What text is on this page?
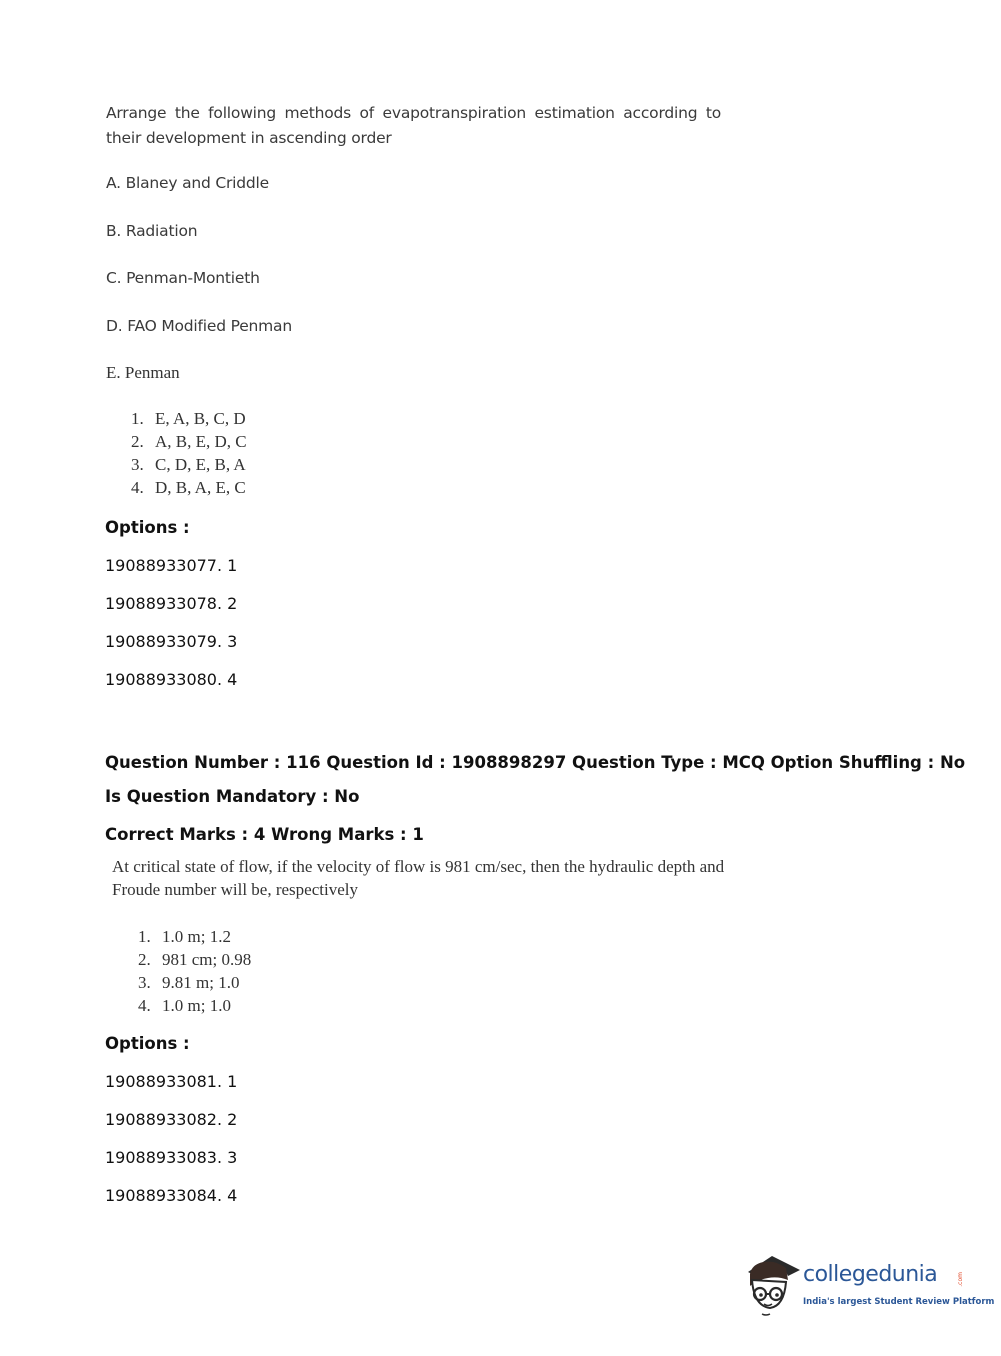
Arrange the following methods of evapotranspiration estimation according to their development in ascending order
A. Blaney and Criddle
B. Radiation
C. Penman-Montieth
D. FAO Modified Penman
E. Penman
1. E, A, B, C, D
2. A, B, E, D, C
3. C, D, E, B, A
4. D, B, A, E, C
Options :
19088933077. 1
19088933078. 2
19088933079. 3
19088933080. 4
Question Number : 116 Question Id : 1908898297 Question Type : MCQ Option Shuffling : No
Is Question Mandatory : No
Correct Marks : 4 Wrong Marks : 1
At critical state of flow, if the velocity of flow is 981 cm/sec, then the hydraulic depth and
Froude number will be, respectively
1. 1.0 m; 1.2
2. 981 cm; 0.98
3. 9.81 m; 1.0
4. 1.0 m; 1.0
Options :
19088933081. 1
19088933082. 2
19088933083. 3
19088933084. 4
collegedunia	.com
India's largest Student Review Platform
